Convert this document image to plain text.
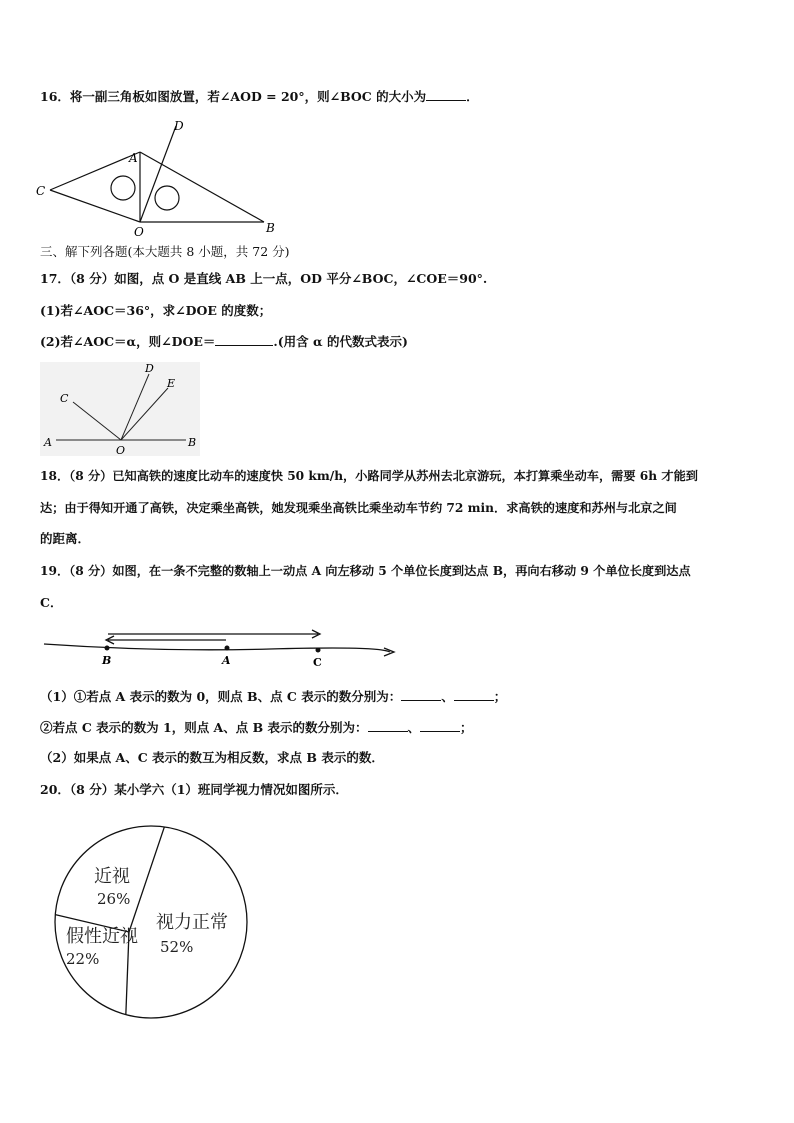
16．将一副三角板如图放置，若∠AOD = 20°，则∠BOC 的大小为	．
D
A
C
O	B
三、解下列各题(本大题共 8 小题，共 72 分)
17．（8 分）如图，点 O 是直线 AB 上一点，OD 平分∠BOC，∠COE＝90°.
(1)若∠AOC＝36°，求∠DOE 的度数；
(2)若∠AOC＝α，则∠DOE＝	.(用含 α 的代数式表示)
A	B
C
D
E
O
18．（8 分）已知高铁的速度比动车的速度快 50 km/h，小路同学从苏州去北京游玩，本打算乘坐动车，需要 6h 才能到
达；由于得知开通了高铁，决定乘坐高铁，她发现乘坐高铁比乘坐动车节约 72 min．求高铁的速度和苏州与北京之间
的距离．
19．（8 分）如图，在一条不完整的数轴上一动点 A 向左移动 5 个单位长度到达点 B，再向右移动 9 个单位长度到达点
C．
B	A	C
（1）①若点 A 表示的数为 0，则点 B、点 C 表示的数分别为：	、	；
②若点 C 表示的数为 1，则点 A、点 B 表示的数分别为：	、	；
（2）如果点 A、C 表示的数互为相反数，求点 B 表示的数．
20．（8 分）某小学六（1）班同学视力情况如图所示．
近视
26%
假性近视
22%
视力正常
52%
